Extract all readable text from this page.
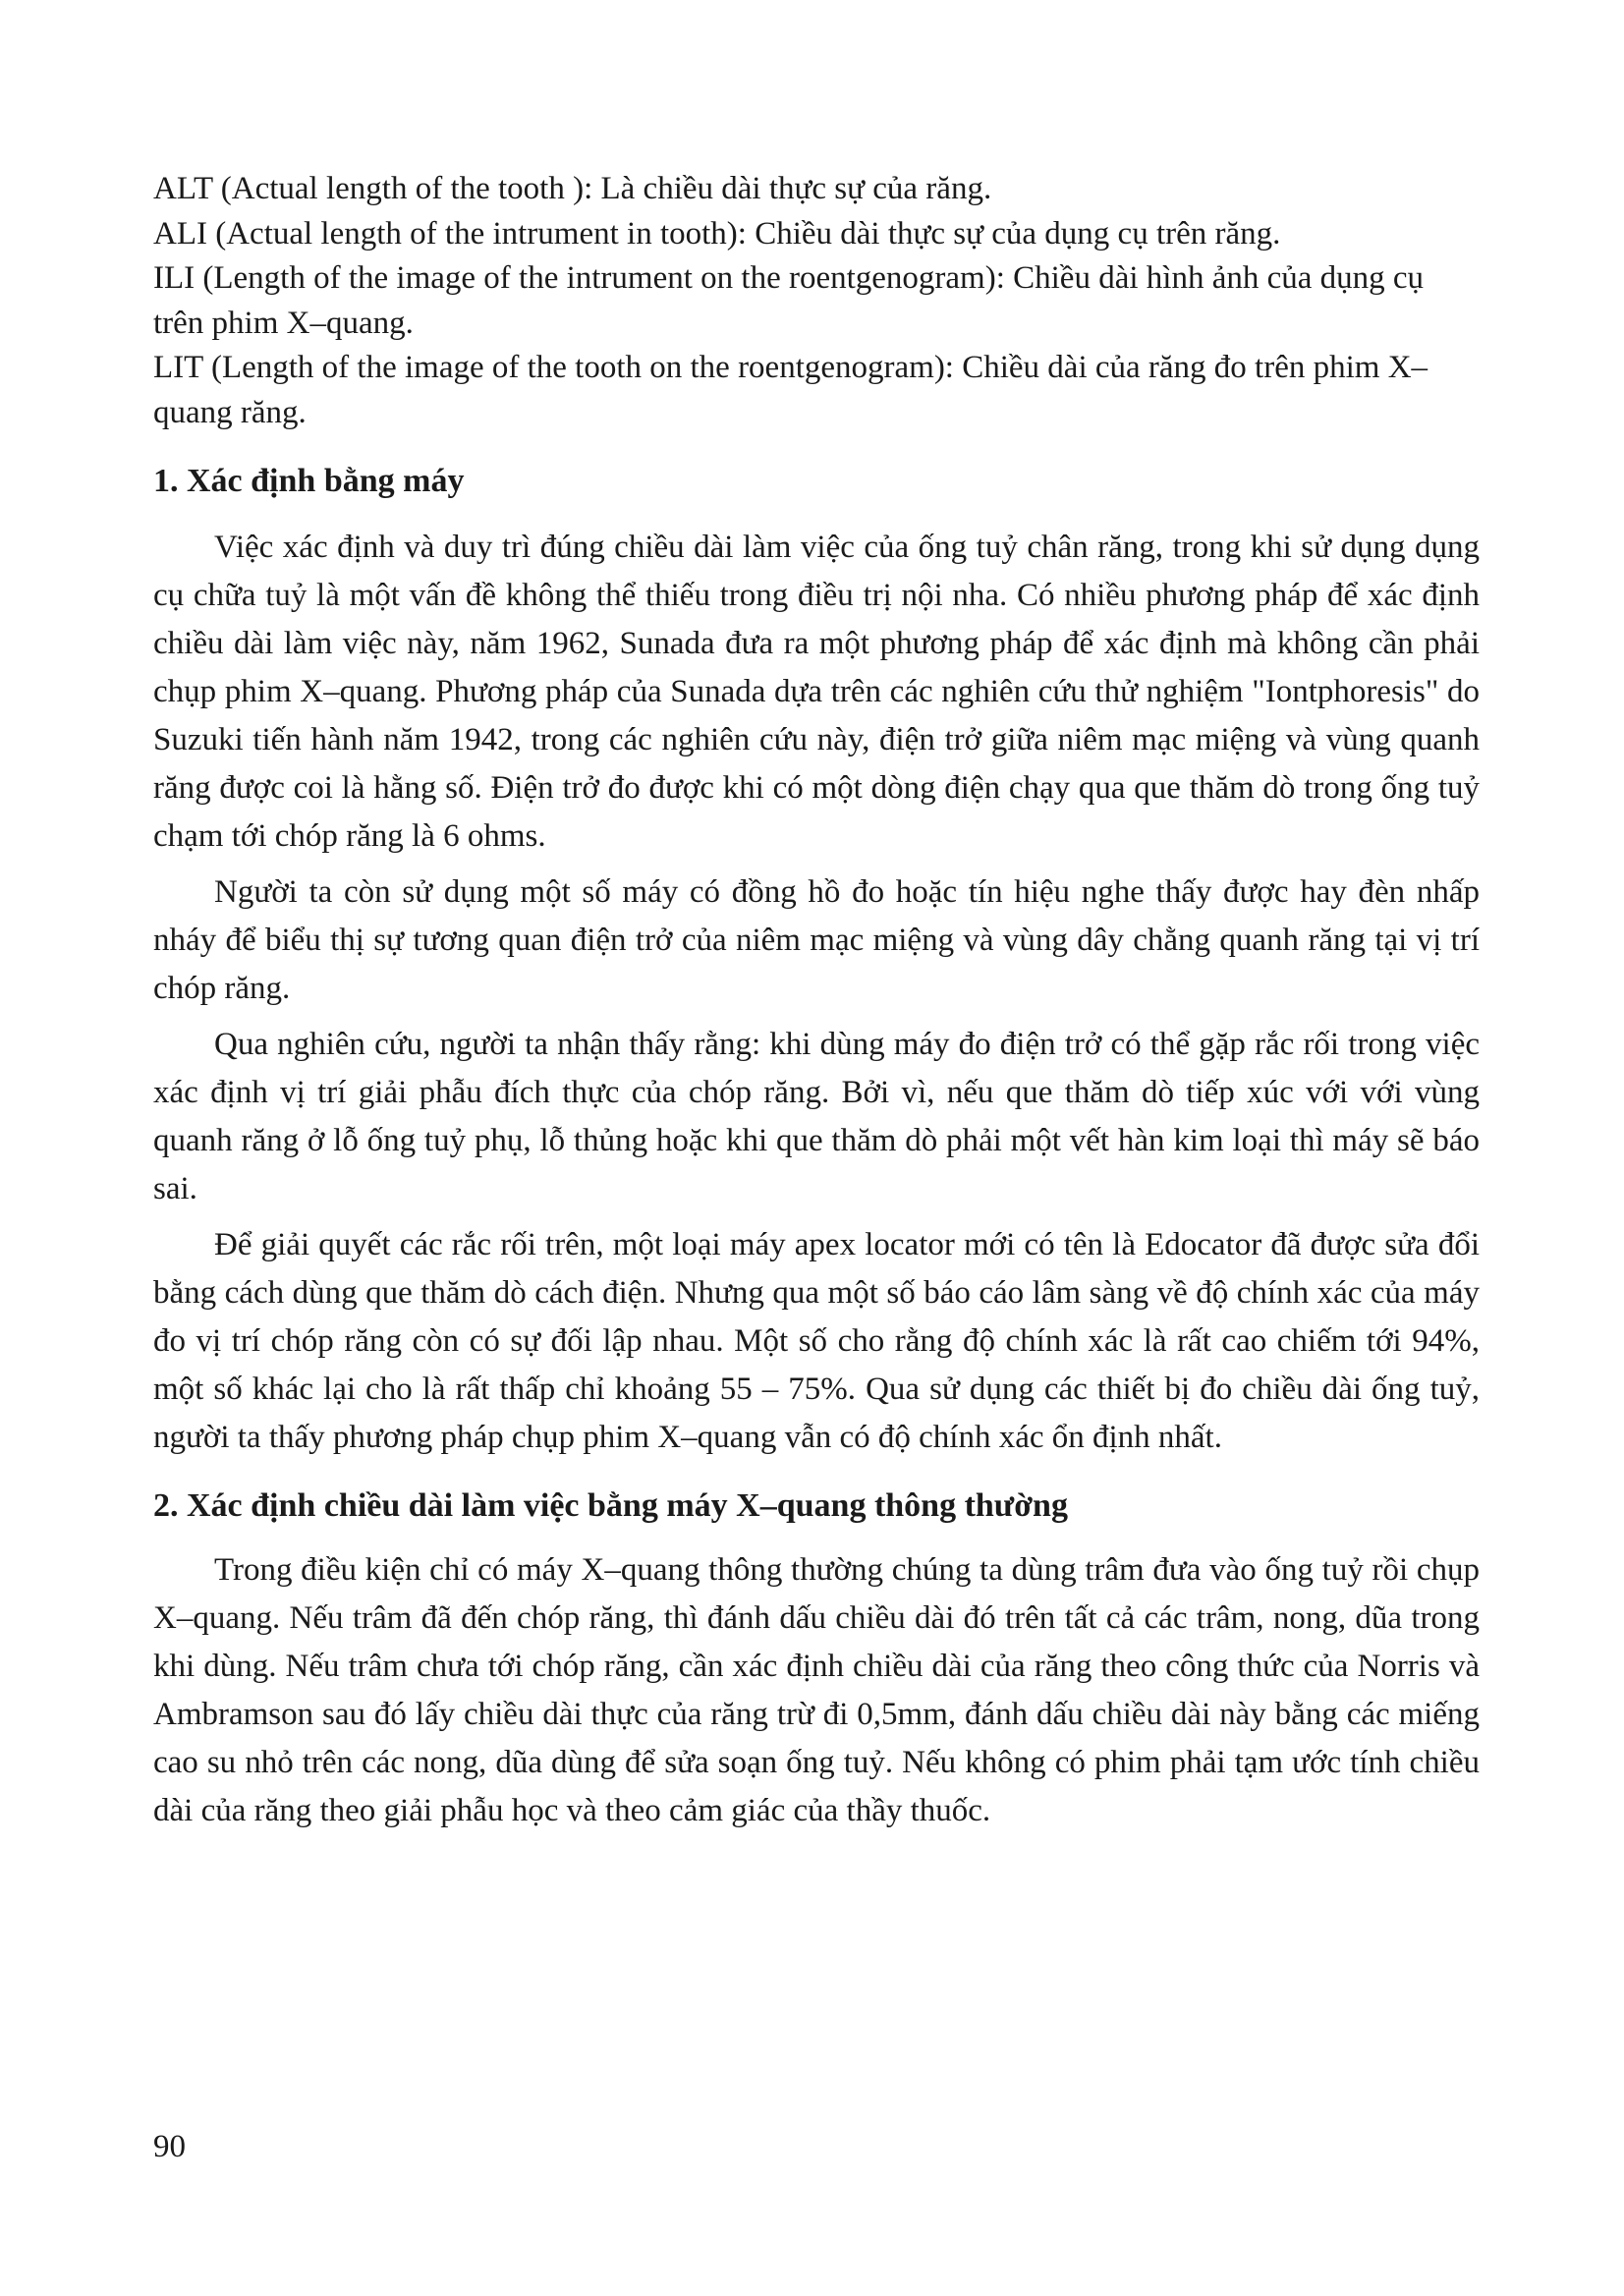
ALT (Actual length of the tooth ): Là chiều dài thực sự của răng.

ALI (Actual length of the intrument in tooth): Chiều dài thực sự của dụng cụ trên răng.

ILI (Length of the image of the intrument on the roentgenogram): Chiều dài hình ảnh của dụng cụ trên phim X–quang.

LIT (Length of the image of the tooth on the roentgenogram): Chiều dài của răng đo trên phim X–quang răng.

1. Xác định bằng máy

Việc xác định và duy trì đúng chiều dài làm việc của ống tuỷ chân răng, trong khi sử dụng dụng cụ chữa tuỷ là một vấn đề không thể thiếu trong điều trị nội nha. Có nhiều phương pháp để xác định chiều dài làm việc này, năm 1962, Sunada đưa ra một phương pháp để xác định mà không cần phải chụp phim X–quang. Phương pháp của Sunada dựa trên các nghiên cứu thử nghiệm "Iontphoresis" do Suzuki tiến hành năm 1942, trong các nghiên cứu này, điện trở giữa niêm mạc miệng và vùng quanh răng được coi là hằng số. Điện trở đo được khi có một dòng điện chạy qua que thăm dò trong ống tuỷ chạm tới chóp răng là 6 ohms.

Người ta còn sử dụng một số máy có đồng hồ đo hoặc tín hiệu nghe thấy được hay đèn nhấp nháy để biểu thị sự tương quan điện trở của niêm mạc miệng và vùng dây chằng quanh răng tại vị trí chóp răng.

Qua nghiên cứu, người ta nhận thấy rằng: khi dùng máy đo điện trở có thể gặp rắc rối trong việc xác định vị trí giải phẫu đích thực của chóp răng. Bởi vì, nếu que thăm dò tiếp xúc với với vùng quanh răng ở lỗ ống tuỷ phụ, lỗ thủng hoặc khi que thăm dò phải một vết hàn kim loại thì máy sẽ báo sai.

Để giải quyết các rắc rối trên, một loại máy apex locator mới có tên là Edocator đã được sửa đổi bằng cách dùng que thăm dò cách điện. Nhưng qua một số báo cáo lâm sàng về độ chính xác của máy đo vị trí chóp răng còn có sự đối lập nhau. Một số cho rằng độ chính xác là rất cao chiếm tới 94%, một số khác lại cho là rất thấp chỉ khoảng 55 – 75%. Qua sử dụng các thiết bị đo chiều dài ống tuỷ, người ta thấy phương pháp chụp phim X–quang vẫn có độ chính xác ổn định nhất.

2. Xác định chiều dài làm việc bằng máy X–quang thông thường

Trong điều kiện chỉ có máy X–quang thông thường chúng ta dùng trâm đưa vào ống tuỷ rồi chụp X–quang. Nếu trâm đã đến chóp răng, thì đánh dấu chiều dài đó trên tất cả các trâm, nong, dũa trong khi dùng. Nếu trâm chưa tới chóp răng, cần xác định chiều dài của răng theo công thức của Norris và Ambramson sau đó lấy chiều dài thực của răng trừ đi 0,5mm, đánh dấu chiều dài này bằng các miếng cao su nhỏ trên các nong, dũa dùng để sửa soạn ống tuỷ. Nếu không có phim phải tạm ước tính chiều dài của răng theo giải phẫu học và theo cảm giác của thầy thuốc.

90
